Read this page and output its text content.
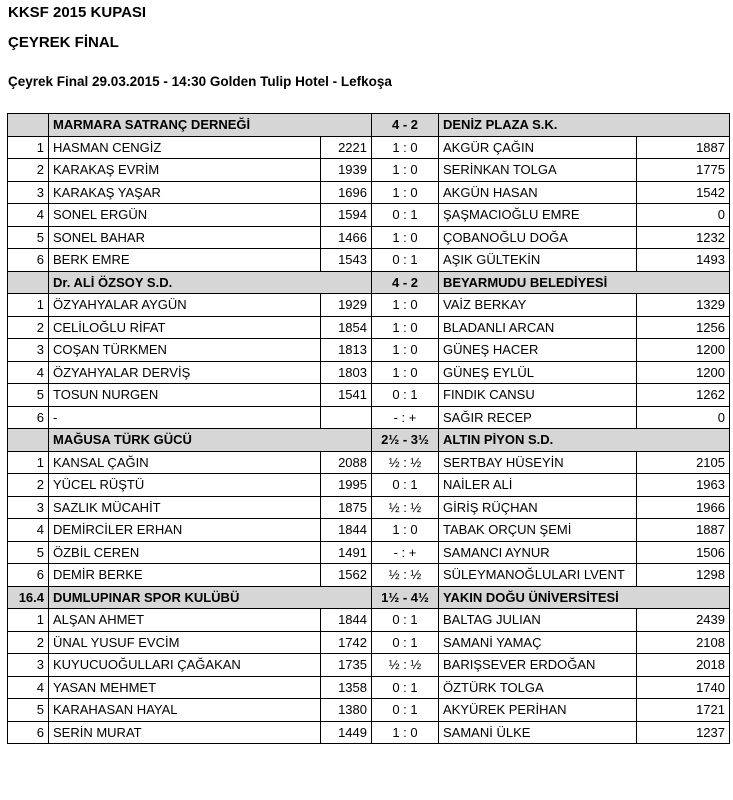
KKSF 2015 KUPASI
ÇEYREK FİNAL
Çeyrek Final 29.03.2015 - 14:30 Golden Tulip Hotel - Lefkoşa
	MARMARA SATRANÇ DERNEĞİ		4 - 2	DENİZ PLAZA S.K.	
1	HASMAN CENGİZ	2221	1 : 0	AKGÜR ÇAĞIN	1887
2	KARAKAŞ EVRİM	1939	1 : 0	SERİNKAN TOLGA	1775
3	KARAKAŞ YAŞAR	1696	1 : 0	AKGÜN HASAN	1542
4	SONEL ERGÜN	1594	0 : 1	ŞAŞMACIOĞLU EMRE	0
5	SONEL BAHAR	1466	1 : 0	ÇOBANOĞLU DOĞA	1232
6	BERK EMRE	1543	0 : 1	AŞIK GÜLTEKİN	1493
	Dr. ALİ ÖZSOY S.D.		4 - 2	BEYARMUDU BELEDİYESİ	
1	ÖZYAHYALAR AYGÜN	1929	1 : 0	VAİZ BERKAY	1329
2	CELİLOĞLU RİFAT	1854	1 : 0	BLADANLI ARCAN	1256
3	COŞAN TÜRKMEN	1813	1 : 0	GÜNEŞ HACER	1200
4	ÖZYAHYALAR DERVİŞ	1803	1 : 0	GÜNEŞ EYLÜL	1200
5	TOSUN NURGEN	1541	0 : 1	FINDIK CANSU	1262
6	-		- : +	SAĞIR RECEP	0
	MAĞUSA TÜRK GÜCÜ		2½ - 3½	ALTIN PİYON S.D.	
1	KANSAL ÇAĞIN	2088	½ : ½	SERTBAY HÜSEYİN	2105
2	YÜCEL RÜŞTÜ	1995	0 : 1	NAİLER ALİ	1963
3	SAZLIK MÜCAHİT	1875	½ : ½	GİRİŞ RÜÇHAN	1966
4	DEMİRCİLER ERHAN	1844	1 : 0	TABAK ORÇUN ŞEMİ	1887
5	ÖZBİL CEREN	1491	- : +	SAMANCI AYNUR	1506
6	DEMİR BERKE	1562	½ : ½	SÜLEYMANOĞLULARI LVENT	1298
16.4	DUMLUPINAR SPOR KULÜBÜ		1½ - 4½	YAKIN DOĞU ÜNİVERSİTESİ	
1	ALŞAN AHMET	1844	0 : 1	BALTAG JULIAN	2439
2	ÜNAL YUSUF EVCİM	1742	0 : 1	SAMANİ YAMAÇ	2108
3	KUYUCUOĞULLARI ÇAĞAKAN	1735	½ : ½	BARIŞSEVER ERDOĞAN	2018
4	YASAN MEHMET	1358	0 : 1	ÖZTÜRK TOLGA	1740
5	KARAHASAN HAYAL	1380	0 : 1	AKYÜREK PERİHAN	1721
6	SERİN MURAT	1449	1 : 0	SAMANİ ÜLKE	1237
